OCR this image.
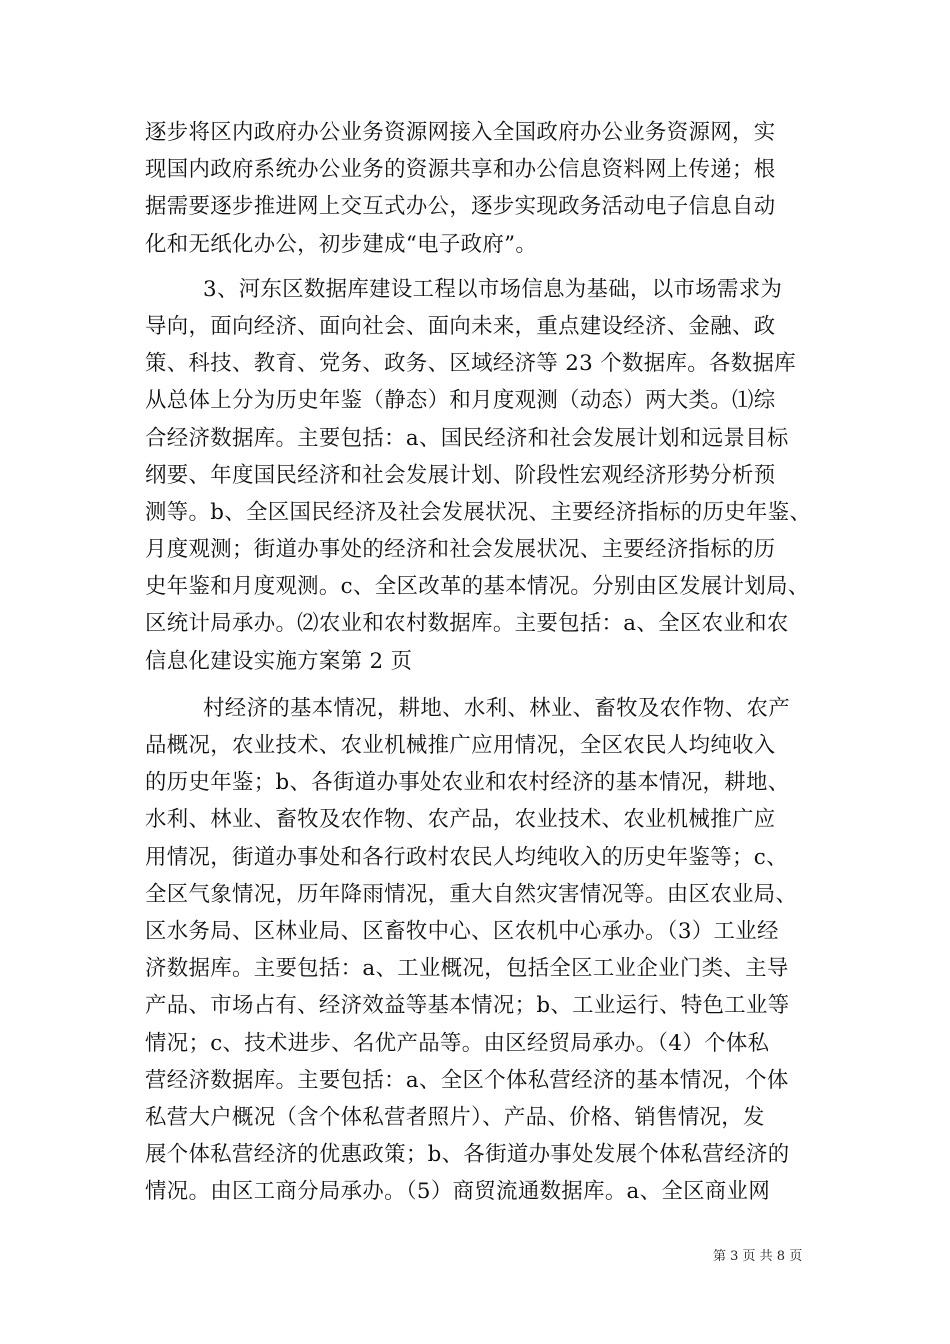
逐步将区内政府办公业务资源网接入全国政府办公业务资源网，实
现国内政府系统办公业务的资源共享和办公信息资料网上传递；根
据需要逐步推进网上交互式办公，逐步实现政务活动电子信息自动
化和无纸化办公，初步建成“电子政府”。
3、河东区数据库建设工程以市场信息为基础，以市场需求为
导向，面向经济、面向社会、面向未来，重点建设经济、金融、政
策、科技、教育、党务、政务、区域经济等 23 个数据库。各数据库
从总体上分为历史年鉴（静态）和月度观测（动态）两大类。⑴综
合经济数据库。主要包括：a、国民经济和社会发展计划和远景目标
纲要、年度国民经济和社会发展计划、阶段性宏观经济形势分析预
测等。b、全区国民经济及社会发展状况、主要经济指标的历史年鉴、
月度观测；街道办事处的经济和社会发展状况、主要经济指标的历
史年鉴和月度观测。c、全区改革的基本情况。分别由区发展计划局、
区统计局承办。⑵农业和农村数据库。主要包括：a、全区农业和农
信息化建设实施方案第 2 页
村经济的基本情况，耕地、水利、林业、畜牧及农作物、农产
品概况，农业技术、农业机械推广应用情况，全区农民人均纯收入
的历史年鉴；b、各街道办事处农业和农村经济的基本情况，耕地、
水利、林业、畜牧及农作物、农产品，农业技术、农业机械推广应
用情况，街道办事处和各行政村农民人均纯收入的历史年鉴等；c、
全区气象情况，历年降雨情况，重大自然灾害情况等。由区农业局、
区水务局、区林业局、区畜牧中心、区农机中心承办。（3）工业经
济数据库。主要包括：a、工业概况，包括全区工业企业门类、主导
产品、市场占有、经济效益等基本情况；b、工业运行、特色工业等
情况；c、技术进步、名优产品等。由区经贸局承办。（4）个体私
营经济数据库。主要包括：a、全区个体私营经济的基本情况，个体
私营大户概况（含个体私营者照片）、产品、价格、销售情况，发
展个体私营经济的优惠政策；b、各街道办事处发展个体私营经济的
情况。由区工商分局承办。（5）商贸流通数据库。a、全区商业网
第 3 页 共 8 页
